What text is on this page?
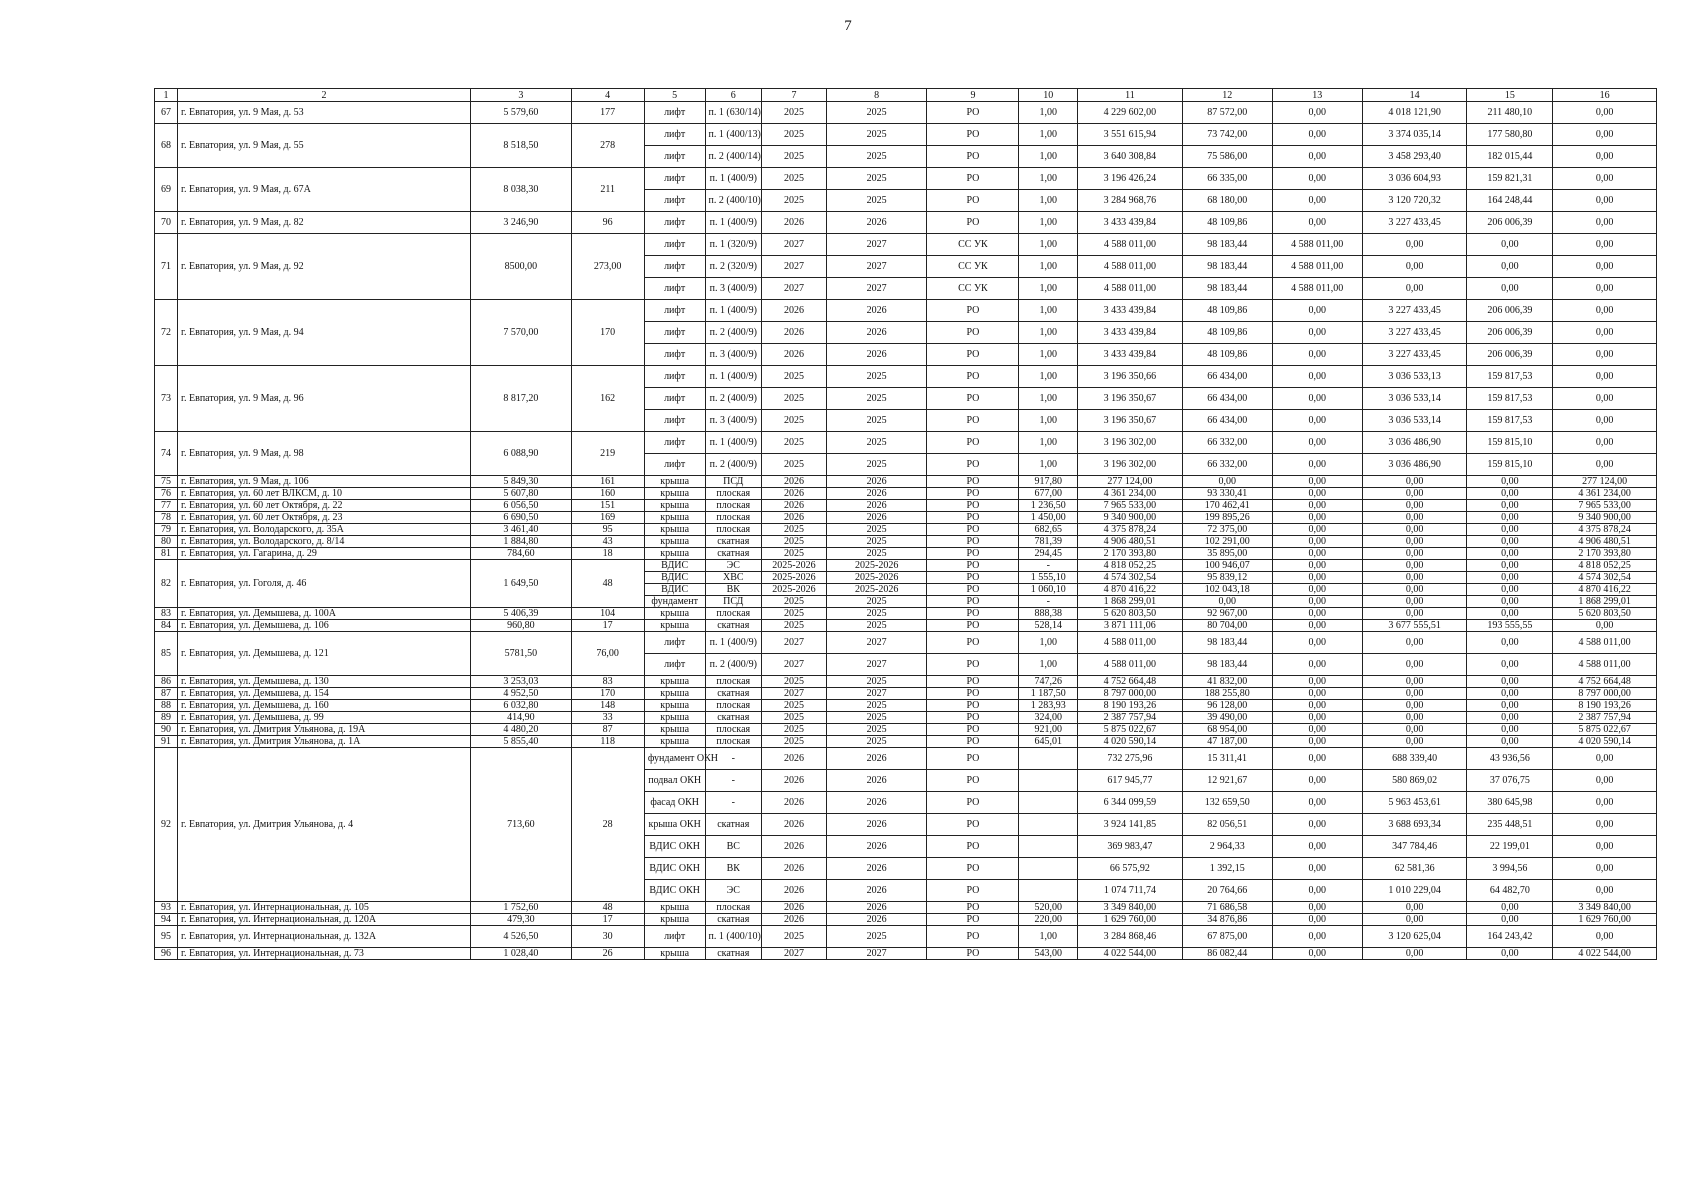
7
1	2	3	4	5	6	7	8	9	10	11	12	13	14	15	16
67	г. Евпатория, ул. 9 Мая, д. 53	5 579,60	177	лифт	п. 1 (630/14)	2025	2025	РО	1,00	4 229 602,00	87 572,00	0,00	4 018 121,90	211 480,10	0,00
68	г. Евпатория, ул. 9 Мая, д. 55	8 518,50	278	лифт	п. 1 (400/13)	2025	2025	РО	1,00	3 551 615,94	73 742,00	0,00	3 374 035,14	177 580,80	0,00
				лифт	п. 2 (400/14)	2025	2025	РО	1,00	3 640 308,84	75 586,00	0,00	3 458 293,40	182 015,44	0,00
69	г. Евпатория, ул. 9 Мая, д. 67А	8 038,30	211	лифт	п. 1 (400/9)	2025	2025	РО	1,00	3 196 426,24	66 335,00	0,00	3 036 604,93	159 821,31	0,00
				лифт	п. 2 (400/10)	2025	2025	РО	1,00	3 284 968,76	68 180,00	0,00	3 120 720,32	164 248,44	0,00
70	г. Евпатория, ул. 9 Мая, д. 82	3 246,90	96	лифт	п. 1 (400/9)	2026	2026	РО	1,00	3 433 439,84	48 109,86	0,00	3 227 433,45	206 006,39	0,00
71	г. Евпатория, ул. 9 Мая, д. 92	8500,00	273,00	лифт	п. 1 (320/9)	2027	2027	СС УК	1,00	4 588 011,00	98 183,44	4 588 011,00	0,00	0,00	0,00
				лифт	п. 2 (320/9)	2027	2027	СС УК	1,00	4 588 011,00	98 183,44	4 588 011,00	0,00	0,00	0,00
				лифт	п. 3 (400/9)	2027	2027	СС УК	1,00	4 588 011,00	98 183,44	4 588 011,00	0,00	0,00	0,00
72	г. Евпатория, ул. 9 Мая, д. 94	7 570,00	170	лифт	п. 1 (400/9)	2026	2026	РО	1,00	3 433 439,84	48 109,86	0,00	3 227 433,45	206 006,39	0,00
				лифт	п. 2 (400/9)	2026	2026	РО	1,00	3 433 439,84	48 109,86	0,00	3 227 433,45	206 006,39	0,00
				лифт	п. 3 (400/9)	2026	2026	РО	1,00	3 433 439,84	48 109,86	0,00	3 227 433,45	206 006,39	0,00
73	г. Евпатория, ул. 9 Мая, д. 96	8 817,20	162	лифт	п. 1 (400/9)	2025	2025	РО	1,00	3 196 350,66	66 434,00	0,00	3 036 533,13	159 817,53	0,00
				лифт	п. 2 (400/9)	2025	2025	РО	1,00	3 196 350,67	66 434,00	0,00	3 036 533,14	159 817,53	0,00
				лифт	п. 3 (400/9)	2025	2025	РО	1,00	3 196 350,67	66 434,00	0,00	3 036 533,14	159 817,53	0,00
74	г. Евпатория, ул. 9 Мая, д. 98	6 088,90	219	лифт	п. 1 (400/9)	2025	2025	РО	1,00	3 196 302,00	66 332,00	0,00	3 036 486,90	159 815,10	0,00
				лифт	п. 2 (400/9)	2025	2025	РО	1,00	3 196 302,00	66 332,00	0,00	3 036 486,90	159 815,10	0,00
75	г. Евпатория, ул. 9 Мая, д. 106	5 849,30	161	крыша	ПСД	2026	2026	РО	917,80	277 124,00	0,00	0,00	0,00	0,00	277 124,00
76	г. Евпатория, ул. 60 лет ВЛКСМ, д. 10	5 607,80	160	крыша	плоская	2026	2026	РО	677,00	4 361 234,00	93 330,41	0,00	0,00	0,00	4 361 234,00
77	г. Евпатория, ул. 60 лет Октября, д. 22	6 056,50	151	крыша	плоская	2026	2026	РО	1 236,50	7 965 533,00	170 462,41	0,00	0,00	0,00	7 965 533,00
78	г. Евпатория, ул. 60 лет Октября, д. 23	6 690,50	169	крыша	плоская	2026	2026	РО	1 450,00	9 340 900,00	199 895,26	0,00	0,00	0,00	9 340 900,00
79	г. Евпатория, ул. Володарского, д. 35А	3 461,40	95	крыша	плоская	2025	2025	РО	682,65	4 375 878,24	72 375,00	0,00	0,00	0,00	4 375 878,24
80	г. Евпатория, ул. Володарского, д. 8/14	1 884,80	43	крыша	скатная	2025	2025	РО	781,39	4 906 480,51	102 291,00	0,00	0,00	0,00	4 906 480,51
81	г. Евпатория, ул. Гагарина, д. 29	784,60	18	крыша	скатная	2025	2025	РО	294,45	2 170 393,80	35 895,00	0,00	0,00	0,00	2 170 393,80
82	г. Евпатория, ул. Гоголя, д. 46	1 649,50	48	ВДИС	ЭС	2025-2026	2025-2026	РО	-	4 818 052,25	100 946,07	0,00	0,00	0,00	4 818 052,25
				ВДИС	ХВС	2025-2026	2025-2026	РО	1 555,10	4 574 302,54	95 839,12	0,00	0,00	0,00	4 574 302,54
				ВДИС	ВК	2025-2026	2025-2026	РО	1 060,10	4 870 416,22	102 043,18	0,00	0,00	0,00	4 870 416,22
				фундамент	ПСД	2025	2025	РО	-	1 868 299,01	0,00	0,00	0,00	0,00	1 868 299,01
83	г. Евпатория, ул. Демышева, д. 100А	5 406,39	104	крыша	плоская	2025	2025	РО	888,38	5 620 803,50	92 967,00	0,00	0,00	0,00	5 620 803,50
84	г. Евпатория, ул. Демышева, д. 106	960,80	17	крыша	скатная	2025	2025	РО	528,14	3 871 111,06	80 704,00	0,00	3 677 555,51	193 555,55	0,00
85	г. Евпатория, ул. Демышева, д. 121	5781,50	76,00	лифт	п. 1 (400/9)	2027	2027	РО	1,00	4 588 011,00	98 183,44	0,00	0,00	0,00	4 588 011,00
				лифт	п. 2 (400/9)	2027	2027	РО	1,00	4 588 011,00	98 183,44	0,00	0,00	0,00	4 588 011,00
86	г. Евпатория, ул. Демышева, д. 130	3 253,03	83	крыша	плоская	2025	2025	РО	747,26	4 752 664,48	41 832,00	0,00	0,00	0,00	4 752 664,48
87	г. Евпатория, ул. Демышева, д. 154	4 952,50	170	крыша	скатная	2027	2027	РО	1 187,50	8 797 000,00	188 255,80	0,00	0,00	0,00	8 797 000,00
88	г. Евпатория, ул. Демышева, д. 160	6 032,80	148	крыша	плоская	2025	2025	РО	1 283,93	8 190 193,26	96 128,00	0,00	0,00	0,00	8 190 193,26
89	г. Евпатория, ул. Демышева, д. 99	414,90	33	крыша	скатная	2025	2025	РО	324,00	2 387 757,94	39 490,00	0,00	0,00	0,00	2 387 757,94
90	г. Евпатория, ул. Дмитрия Ульянова, д. 19А	4 480,20	87	крыша	плоская	2025	2025	РО	921,00	5 875 022,67	68 954,00	0,00	0,00	0,00	5 875 022,67
91	г. Евпатория, ул. Дмитрия Ульянова, д. 1А	5 855,40	118	крыша	плоская	2025	2025	РО	645,01	4 020 590,14	47 187,00	0,00	0,00	0,00	4 020 590,14
92	г. Евпатория, ул. Дмитрия Ульянова, д. 4	713,60	28	фундамент ОКН	-	2026	2026	РО		732 275,96	15 311,41	0,00	688 339,40	43 936,56	0,00
				подвал ОКН	-	2026	2026	РО		617 945,77	12 921,67	0,00	580 869,02	37 076,75	0,00
				фасад ОКН	-	2026	2026	РО		6 344 099,59	132 659,50	0,00	5 963 453,61	380 645,98	0,00
				крыша ОКН	скатная	2026	2026	РО		3 924 141,85	82 056,51	0,00	3 688 693,34	235 448,51	0,00
				ВДИС ОКН	ВС	2026	2026	РО		369 983,47	2 964,33	0,00	347 784,46	22 199,01	0,00
				ВДИС ОКН	ВК	2026	2026	РО		66 575,92	1 392,15	0,00	62 581,36	3 994,56	0,00
				ВДИС ОКН	ЭС	2026	2026	РО		1 074 711,74	20 764,66	0,00	1 010 229,04	64 482,70	0,00
93	г. Евпатория, ул. Интернациональная, д. 105	1 752,60	48	крыша	плоская	2026	2026	РО	520,00	3 349 840,00	71 686,58	0,00	0,00	0,00	3 349 840,00
94	г. Евпатория, ул. Интернациональная, д. 120А	479,30	17	крыша	скатная	2026	2026	РО	220,00	1 629 760,00	34 876,86	0,00	0,00	0,00	1 629 760,00
95	г. Евпатория, ул. Интернациональная, д. 132А	4 526,50	30	лифт	п. 1 (400/10)	2025	2025	РО	1,00	3 284 868,46	67 875,00	0,00	3 120 625,04	164 243,42	0,00
96	г. Евпатория, ул. Интернациональная, д. 73	1 028,40	26	крыша	скатная	2027	2027	РО	543,00	4 022 544,00	86 082,44	0,00	0,00	0,00	4 022 544,00
